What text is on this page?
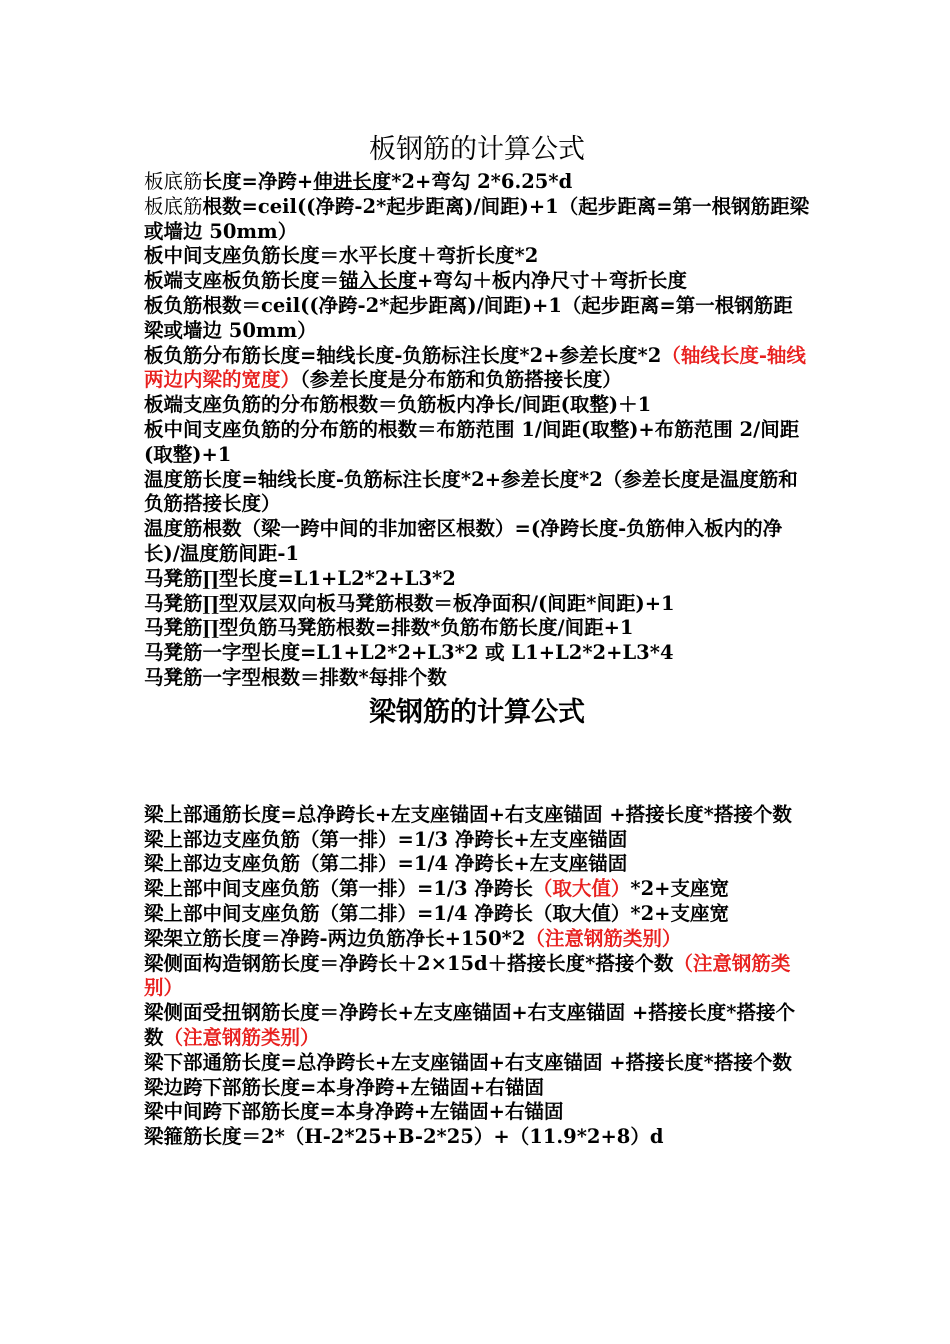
板钢筋的计算公式

板底筋长度=净跨+伸进长度*2+弯勾 2*6.25*d

板底筋根数=ceil((净跨-2*起步距离)/间距)+1（起步距离=第一根钢筋距梁或墙边 50mm）

板中间支座负筋长度＝水平长度＋弯折长度*2

板端支座板负筋长度＝锚入长度+弯勾＋板内净尺寸＋弯折长度

板负筋根数＝ceil((净跨-2*起步距离)/间距)+1（起步距离=第一根钢筋距梁或墙边 50mm）

板负筋分布筋长度=轴线长度-负筋标注长度*2+参差长度*2（轴线长度-轴线两边内梁的宽度）（参差长度是分布筋和负筋搭接长度）

板端支座负筋的分布筋根数＝负筋板内净长/间距(取整)＋1

板中间支座负筋的分布筋的根数＝布筋范围 1/间距(取整)+布筋范围 2/间距(取整)+1

温度筋长度=轴线长度-负筋标注长度*2+参差长度*2（参差长度是温度筋和负筋搭接长度）

温度筋根数（梁一跨中间的非加密区根数）=(净跨长度-负筋伸入板内的净长)/温度筋间距-1

马凳筋∏型长度=L1+L2*2+L3*2

马凳筋∏型双层双向板马凳筋根数＝板净面积/(间距*间距)+1

马凳筋∏型负筋马凳筋根数=排数*负筋布筋长度/间距+1

马凳筋一字型长度=L1+L2*2+L3*2 或 L1+L2*2+L3*4

马凳筋一字型根数＝排数*每排个数

梁钢筋的计算公式

梁上部通筋长度=总净跨长+左支座锚固+右支座锚固 +搭接长度*搭接个数

梁上部边支座负筋（第一排）=1/3 净跨长+左支座锚固

梁上部边支座负筋（第二排）=1/4 净跨长+左支座锚固

梁上部中间支座负筋（第一排）=1/3 净跨长（取大值）*2+支座宽

梁上部中间支座负筋（第二排）=1/4 净跨长（取大值）*2+支座宽

梁架立筋长度＝净跨-两边负筋净长+150*2（注意钢筋类别）

梁侧面构造钢筋长度＝净跨长＋2×15d＋搭接长度*搭接个数（注意钢筋类别）

梁侧面受扭钢筋长度＝净跨长+左支座锚固+右支座锚固 +搭接长度*搭接个数（注意钢筋类别）

梁下部通筋长度=总净跨长+左支座锚固+右支座锚固 +搭接长度*搭接个数

梁边跨下部筋长度=本身净跨+左锚固+右锚固

梁中间跨下部筋长度=本身净跨+左锚固+右锚固

梁箍筋长度＝2*（H-2*25+B-2*25）+（11.9*2+8）d
